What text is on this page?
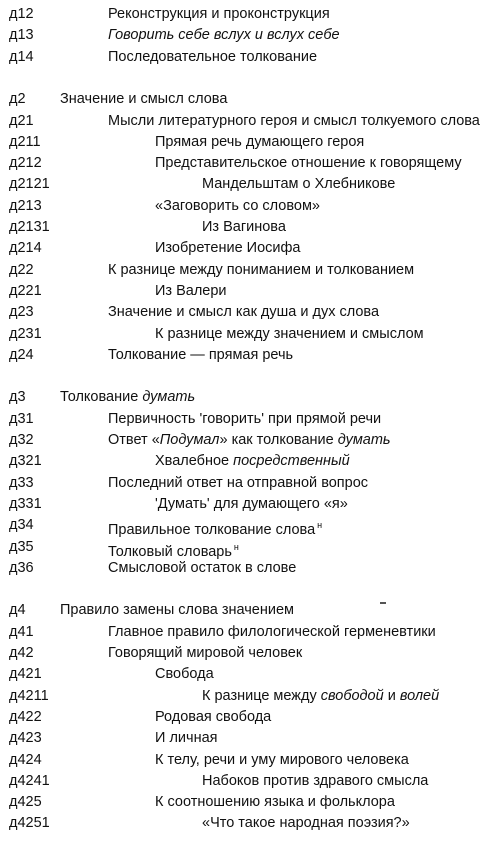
д12	Реконструкция и проконструкция
д13	Говорить себе вслух и вслух себе
д14	Последовательное толкование
д2 Значение и смысл слова
д21	Мысли литературного героя и смысл толкуемого слова
д211	Прямая речь думающего героя
д212	Представительское отношение к говорящему
д2121	Мандельштам о Хлебникове
д213	«Заговорить со словом»
д2131	Из Вагинова
д214	Изобретение Иосифа
д22	К разнице между пониманием и толкованием
д221	Из Валери
д23	Значение и смысл как душа и дух слова
д231	К разнице между значением и смыслом
д24	Толкование — прямая речь
д3 Толкование думать
д31	Первичность 'говорить' при прямой речи
д32	Ответ «Подумал» как толкование думать
д321	Хвалебное посредственный
д33	Последний ответ на отправной вопрос
д331	'Думать' для думающего «я»
д34	Правильное толкование слова $^н$
д35	Толковый словарь $^н$
д36	Смысловой остаток в слове
д4 Правило замены слова значением
д41	Главное правило филологической герменевтики
д42	Говорящий мировой человек
д421	Свобода
д4211	К разнице между свободой и волей
д422	Родовая свобода
д423	И личная
д424	К телу, речи и уму мирового человека
д4241	Набоков против здравого смысла
д425	К соотношению языка и фольклора
д4251	«Что такое народная поэзия?»
